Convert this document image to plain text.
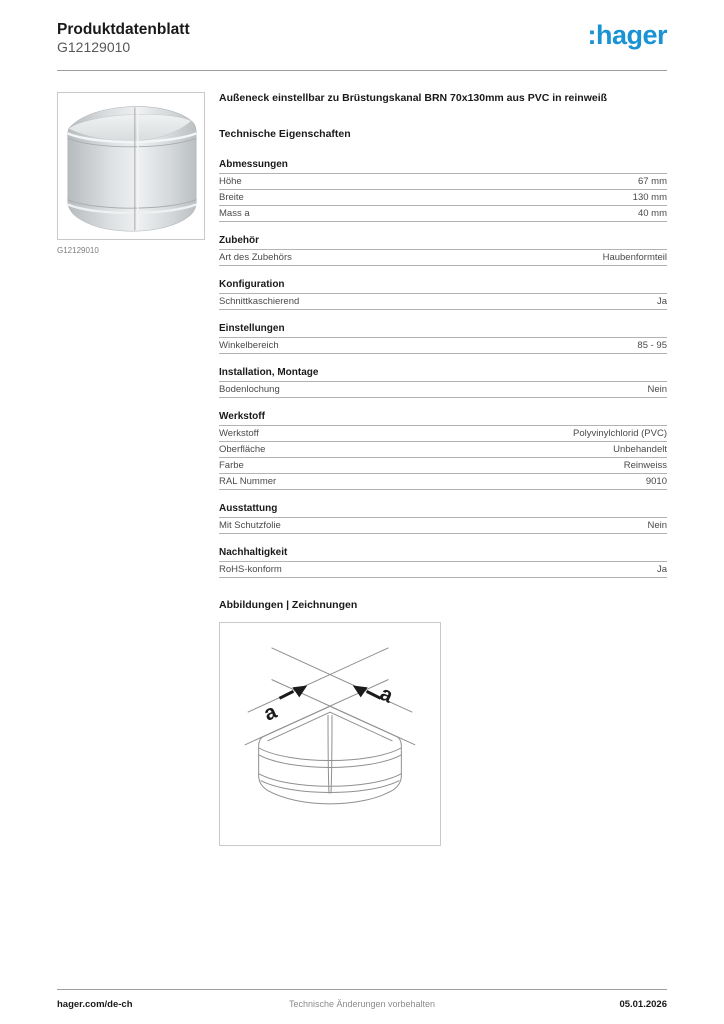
Produktdatenblatt
G12129010	:hager
G12129010
Außeneck einstellbar zu Brüstungskanal BRN 70x130mm aus PVC in reinweiß
Technische Eigenschaften
Abmessungen
Höhe	67 mm
Breite	130 mm
Mass a	40 mm
Zubehör
Art des Zubehörs	Haubenformteil
Konfiguration
Schnittkaschierend	Ja
Einstellungen
Winkelbereich	85 - 95
Installation, Montage
Bodenlochung	Nein
Werkstoff
Werkstoff	Polyvinylchlorid (PVC)
Oberfläche	Unbehandelt
Farbe	Reinweiss
RAL Nummer	9010
Ausstattung
Mit Schutzfolie	Nein
Nachhaltigkeit
RoHS-konform	Ja
Abbildungen | Zeichnungen
a
a
hager.com/de-ch	Technische Änderungen vorbehalten	05.01.2026
